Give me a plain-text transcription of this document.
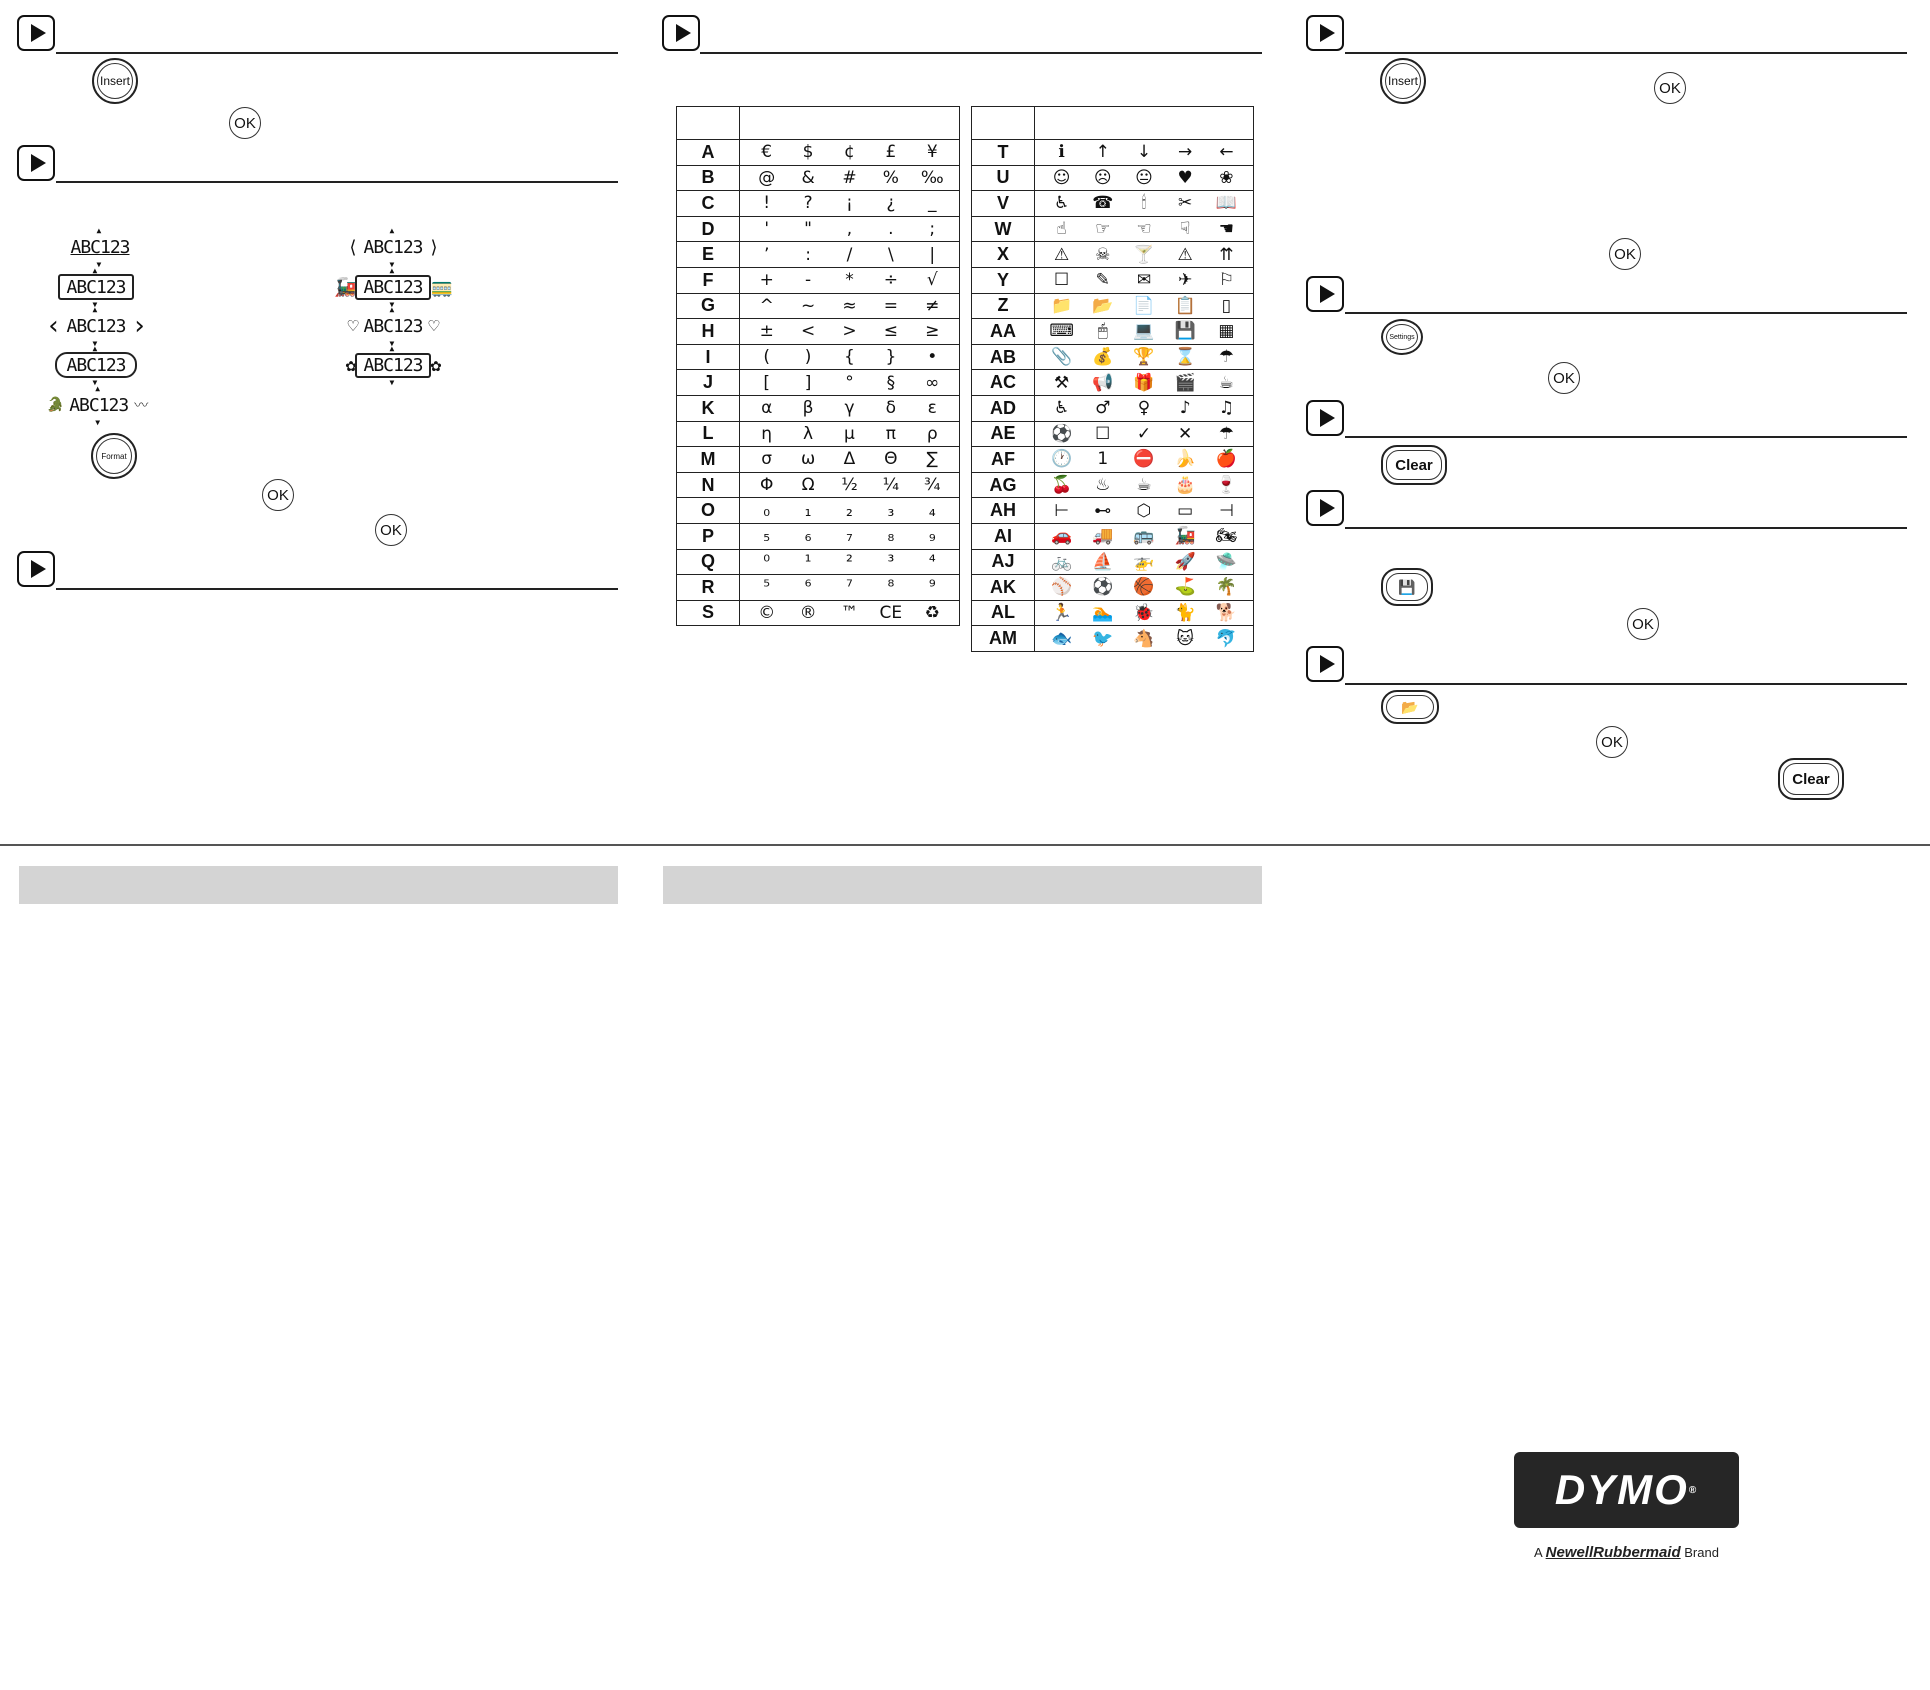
Insert
OK
▲ ABC123 ▼
▲ ABC123 ▼
‹ ▲ ABC123 ▼ ›
▲ ABC123 ▼
🐊 ▲ ABC123 ▼ 〰
⟨ ▲ ABC123 ▼ ⟩
🚂 ▲ ABC123 ▼ 🚃
♡ ▲ ABC123 ▼ ♡
✿ ▲ ABC123 ▼ ✿
Format
OK
OK

A	€ $ ¢ £ ¥

B	@ & # % ‰

C	! ? ¡ ¿ _

D	' " , . ;

E	’ : / \ |

F	+ - * ÷ √

G	^ ~ ≈ = ≠

H	± < > ≤ ≥

I	( ) { } •

J	[ ] ° § ∞

K	α β γ δ ε

L	η λ μ π ρ

M	σ ω Δ Θ ∑

N	Φ Ω ½ ¼ ¾

O	₀ ₁ ₂ ₃ ₄

P	₅ ₆ ₇ ₈ ₉

Q	⁰ ¹ ² ³ ⁴

R	⁵ ⁶ ⁷ ⁸ ⁹

S	© ® ™ CE ♻

T	ℹ ↑ ↓ → ←

U	☺ ☹ 😐 ♥ ❀

V	♿ ☎ 🕯 ✂ 📖

W	☝ ☞ ☜ ☟ ☚

X	⚠ ☠ 🍸 ⚠ ⇈

Y	☐ ✎ ✉ ✈ ⚐

Z	📁 📂 📄 📋 ▯

AA	⌨ 🖱 💻 💾 ▦

AB	📎 💰 🏆 ⌛ ☂

AC	⚒ 📢 🎁 🎬 ☕

AD	♿ ♂ ♀ ♪ ♫

AE	⚽ ☐ ✓ ✕ ☂

AF	🕐 1 ⛔ 🍌 🍎

AG	🍒 ♨ ☕ 🎂 🍷

AH	⊢ ⊷ ⬡ ▭ ⊣

AI	🚗 🚚 🚌 🚂 🏍

AJ	🚲 ⛵ 🚁 🚀 🛸

AK	⚾ ⚽ 🏀 ⛳ 🌴

AL	🏃 🏊 🐞 🐈 🐕

AM	🐟 🐦 🐴 🐱 🐬
Insert	OK
OK
Settings
OK
Clear
💾
OK
📂
OK
Clear
DYMO ®
A NewellRubbermaid Brand
